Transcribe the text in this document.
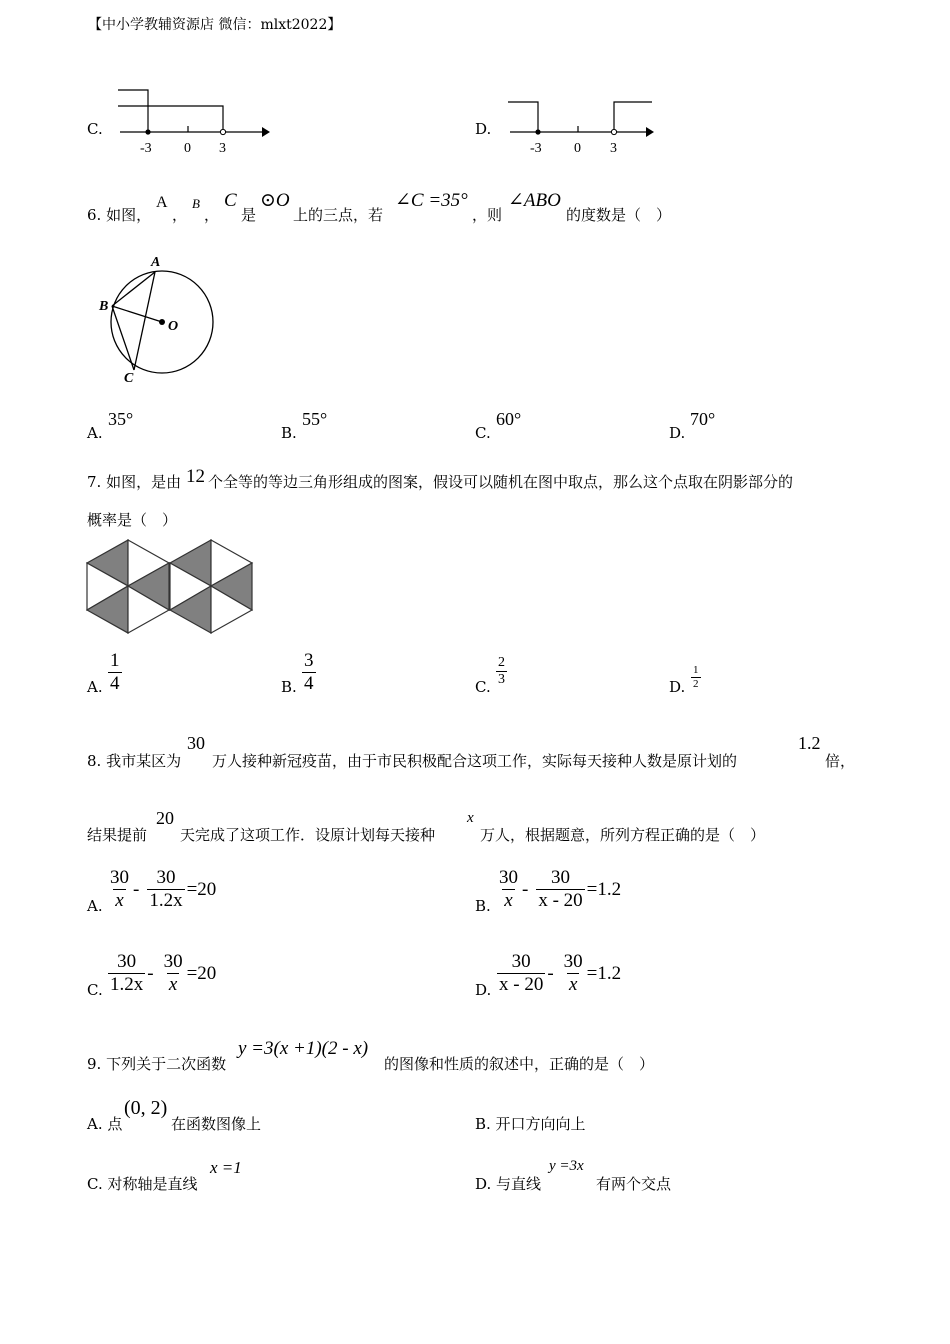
【中小学教辅资源店 微信：mlxt2022】
C.
-3 0 3
D.
-3 0 3
6. 如图，
A
，
B
，
C
是
⊙O
上的三点，若
∠C =35°
，则
∠ABO
的度数是（　）
A
B
C
O
A.
35°
B.
55°
C.
60°
D.
70°
7. 如图，是由 12 个全等的等边三角形组成的图案，假设可以随机在图中取点，那么这个点取在阴影部分的
概率是（　）
A. $\frac{1}{4}$	B. $\frac{3}{4}$	C. $\frac{2}{3}$	D. $\frac{1}{2}$
8. 我市某区为
30
万人接种新冠疫苗，由于市民积极配合这项工作，实际每天接种人数是原计划的
1.2
倍，
结果提前
20
天完成了这项工作．设原计划每天接种
x
万人，根据题意，所列方程正确的是（　）
A. $\frac{30}{x} - \frac{30}{1.2x} =20$
B. $\frac{30}{x} - \frac{30}{x - 20} =1.2$
C. $\frac{30}{1.2x} - \frac{30}{x} =20$
D. $\frac{30}{x - 20} - \frac{30}{x} =1.2$
9. 下列关于二次函数
y =3(x +1)(2 - x)
的图像和性质的叙述中，正确的是（　）
A. 点
(0, 2)
在函数图像上	B. 开口方向向上
C. 对称轴是直线
x =1
D. 与直线
y =3x
有两个交点
